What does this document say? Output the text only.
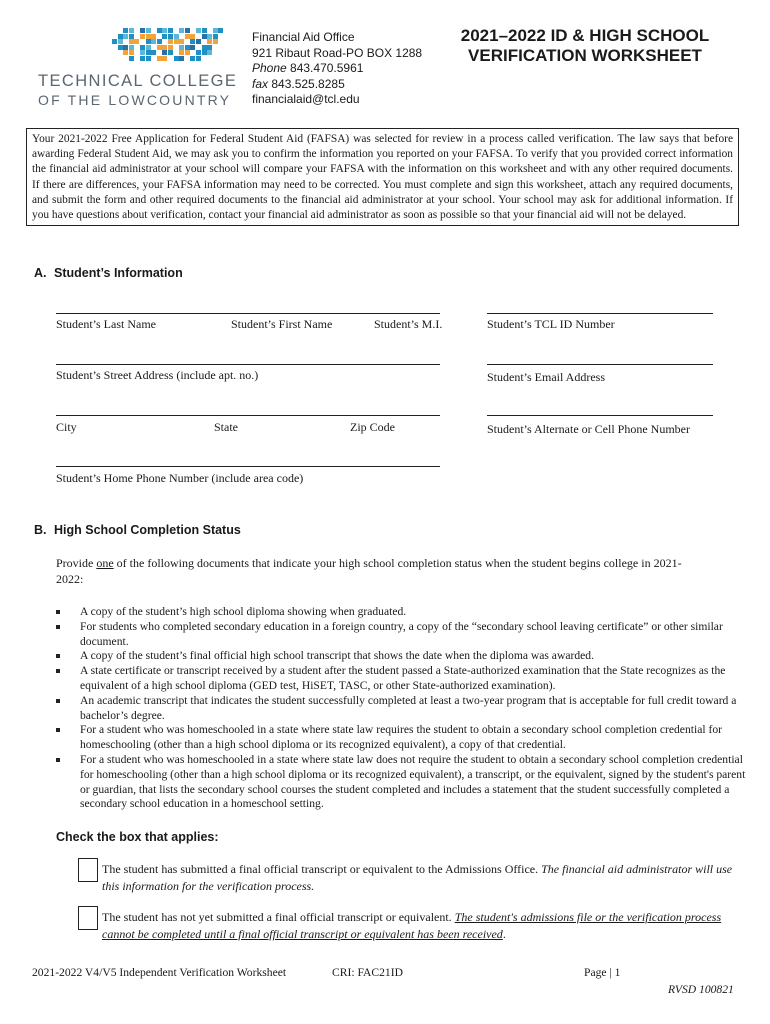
TECHNICAL COLLEGE
OF THE LOWCOUNTRY
Financial Aid Office
921 Ribaut Road-PO BOX 1288
Phone 843.470.5961
fax 843.525.8285
financialaid@tcl.edu
2021–2022 ID & HIGH SCHOOL
VERIFICATION WORKSHEET
Your 2021-2022 Free Application for Federal Student Aid (FAFSA) was selected for review in a process called verification. The law says that before awarding Federal Student Aid, we may ask you to confirm the information you reported on your FAFSA. To verify that you provided correct information the financial aid administrator at your school will compare your FAFSA with the information on this worksheet and with any other required documents. If there are differences, your FAFSA information may need to be corrected. You must complete and sign this worksheet, attach any required documents, and submit the form and other required documents to the financial aid administrator at your school. Your school may ask for additional information. If you have questions about verification, contact your financial aid administrator as soon as possible so that your financial aid will not be delayed.
A. Student’s Information
Student’s Last Name	Student’s First Name	Student’s M.I.	Student’s TCL ID Number
Student’s Street Address (include apt. no.)	Student’s Email Address
City	State	Zip Code	Student’s Alternate or Cell Phone Number
Student’s Home Phone Number (include area code)
B. High School Completion Status
Provide one of the following documents that indicate your high school completion status when the student begins college in 2021-2022:
A copy of the student’s high school diploma showing when graduated.
For students who completed secondary education in a foreign country, a copy of the “secondary school leaving certificate” or other similar document.
A copy of the student’s final official high school transcript that shows the date when the diploma was awarded.
A state certificate or transcript received by a student after the student passed a State-authorized examination that the State recognizes as the equivalent of a high school diploma (GED test, HiSET, TASC, or other State-authorized examination).
An academic transcript that indicates the student successfully completed at least a two-year program that is acceptable for full credit toward a bachelor’s degree.
For a student who was homeschooled in a state where state law requires the student to obtain a secondary school completion credential for homeschooling (other than a high school diploma or its recognized equivalent), a copy of that credential.
For a student who was homeschooled in a state where state law does not require the student to obtain a secondary school completion credential for homeschooling (other than a high school diploma or its recognized equivalent), a transcript, or the equivalent, signed by the student's parent or guardian, that lists the secondary school courses the student completed and includes a statement that the student successfully completed a secondary school education in a homeschool setting.
Check the box that applies:
The student has submitted a final official transcript or equivalent to the Admissions Office. The financial aid administrator will use this information for the verification process.
The student has not yet submitted a final official transcript or equivalent. The student's admissions file or the verification process cannot be completed until a final official transcript or equivalent has been received.
2021-2022 V4/V5 Independent Verification Worksheet	CRI: FAC21ID	Page | 1
RVSD 100821
